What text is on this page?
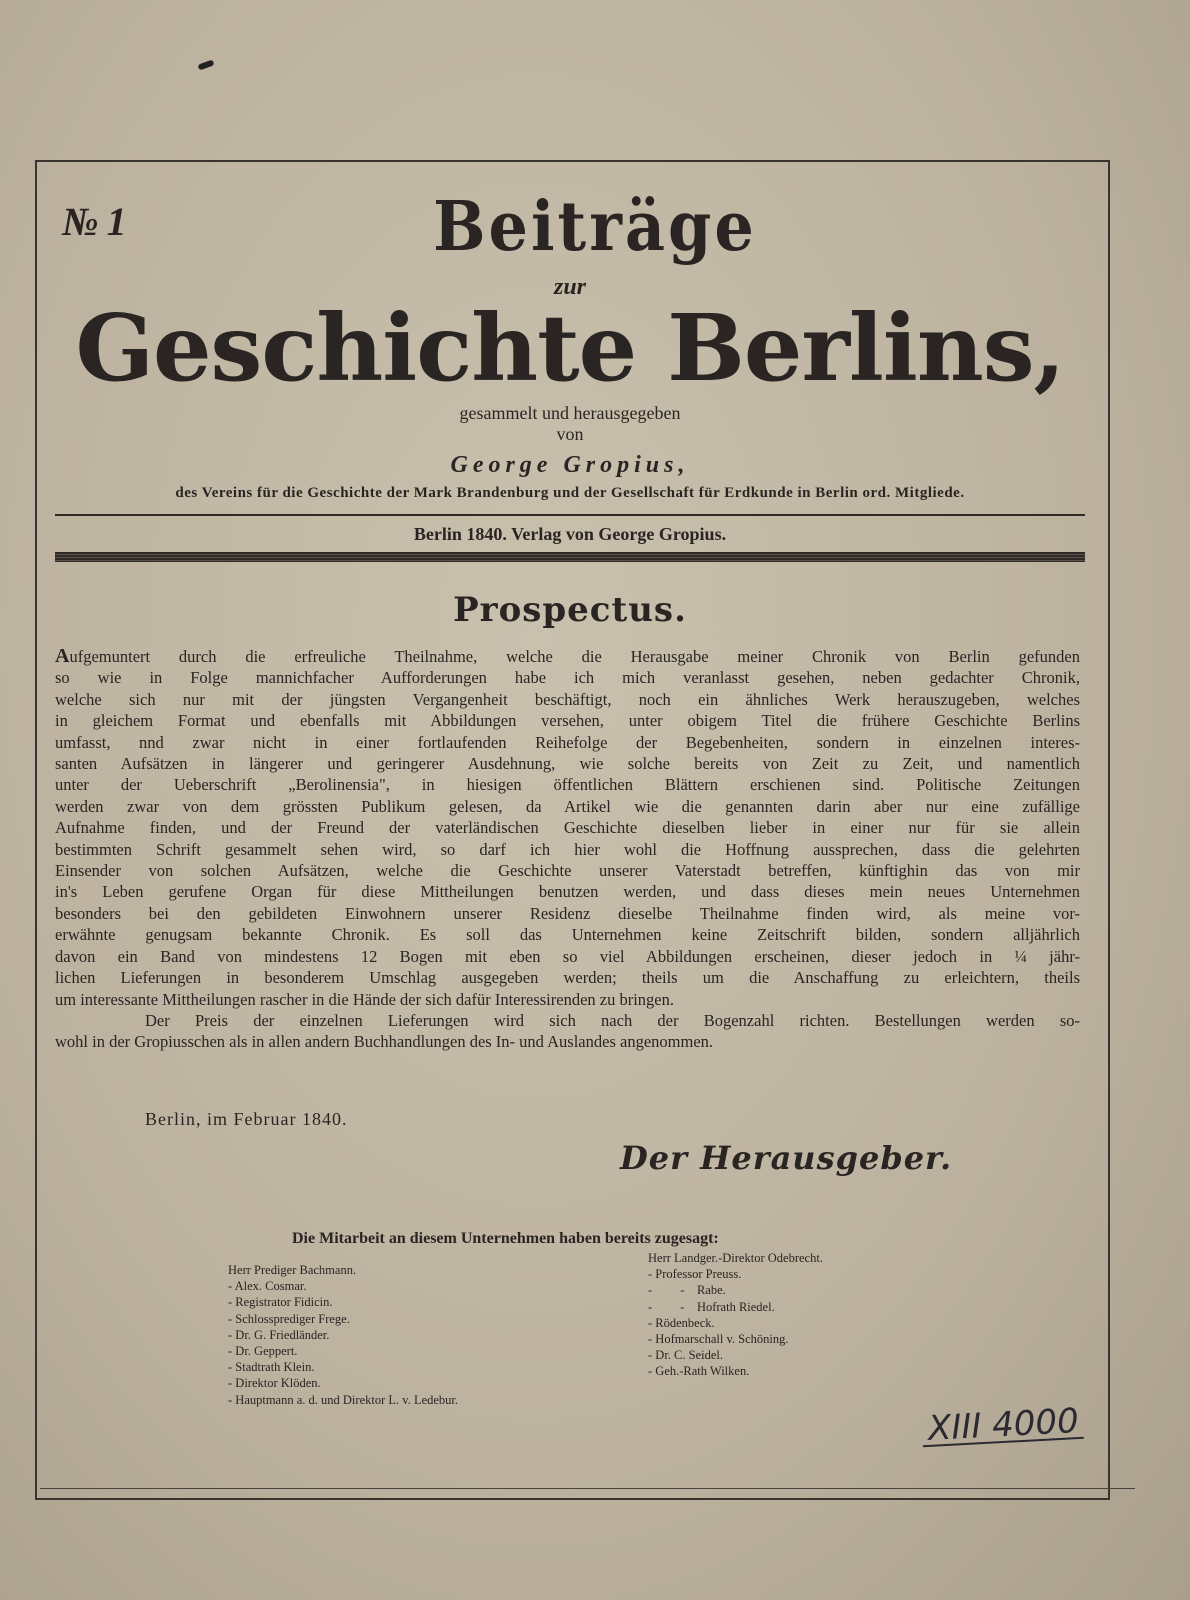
№ 1	Beiträge
zur
Geschichte Berlins,
gesammelt und herausgegeben
von
George Gropius,
des Vereins für die Geschichte der Mark Brandenburg und der Gesellschaft für Erdkunde in Berlin ord. Mitgliede.
Berlin 1840. Verlag von George Gropius.
Prospectus.
Aufgemuntert durch die erfreuliche Theilnahme, welche die Herausgabe meiner Chronik von Berlin gefunden
so wie in Folge mannichfacher Aufforderungen habe ich mich veranlasst gesehen, neben gedachter Chronik,
welche sich nur mit der jüngsten Vergangenheit beschäftigt, noch ein ähnliches Werk herauszugeben, welches
in gleichem Format und ebenfalls mit Abbildungen versehen, unter obigem Titel die frühere Geschichte Berlins
umfasst, nnd zwar nicht in einer fortlaufenden Reihefolge der Begebenheiten, sondern in einzelnen interes-
santen Aufsätzen in längerer und geringerer Ausdehnung, wie solche bereits von Zeit zu Zeit, und namentlich
unter der Ueberschrift „Berolinensia", in hiesigen öffentlichen Blättern erschienen sind. Politische Zeitungen
werden zwar von dem grössten Publikum gelesen, da Artikel wie die genannten darin aber nur eine zufällige
Aufnahme finden, und der Freund der vaterländischen Geschichte dieselben lieber in einer nur für sie allein
bestimmten Schrift gesammelt sehen wird, so darf ich hier wohl die Hoffnung aussprechen, dass die gelehrten
Einsender von solchen Aufsätzen, welche die Geschichte unserer Vaterstadt betreffen, künftighin das von mir
in's Leben gerufene Organ für diese Mittheilungen benutzen werden, und dass dieses mein neues Unternehmen
besonders bei den gebildeten Einwohnern unserer Residenz dieselbe Theilnahme finden wird, als meine vor-
erwähnte genugsam bekannte Chronik. Es soll das Unternehmen keine Zeitschrift bilden, sondern alljährlich
davon ein Band von mindestens 12 Bogen mit eben so viel Abbildungen erscheinen, dieser jedoch in ¼ jähr-
lichen Lieferungen in besonderem Umschlag ausgegeben werden; theils um die Anschaffung zu erleichtern, theils
um interessante Mittheilungen rascher in die Hände der sich dafür Interessirenden zu bringen.
Der Preis der einzelnen Lieferungen wird sich nach der Bogenzahl richten. Bestellungen werden so-
wohl in der Gropiusschen als in allen andern Buchhandlungen des In- und Auslandes angenommen.
Berlin, im Februar 1840.
Der Herausgeber.
Die Mitarbeit an diesem Unternehmen haben bereits zugesagt:
Herr Prediger Bachmann.
- Alex. Cosmar.
- Registrator Fidicin.
- Schlossprediger Frege.
- Dr. G. Friedländer.
- Dr. Geppert.
- Stadtrath Klein.
- Direktor Klöden.
- Hauptmann a. d. und Direktor L. v. Ledebur.
Herr Landger.-Direktor Odebrecht.
- Professor Preuss.
-         -    Rabe.
-         -    Hofrath Riedel.
- Rödenbeck.
- Hofmarschall v. Schöning.
- Dr. C. Seidel.
- Geh.-Rath Wilken.
XIII 4000
